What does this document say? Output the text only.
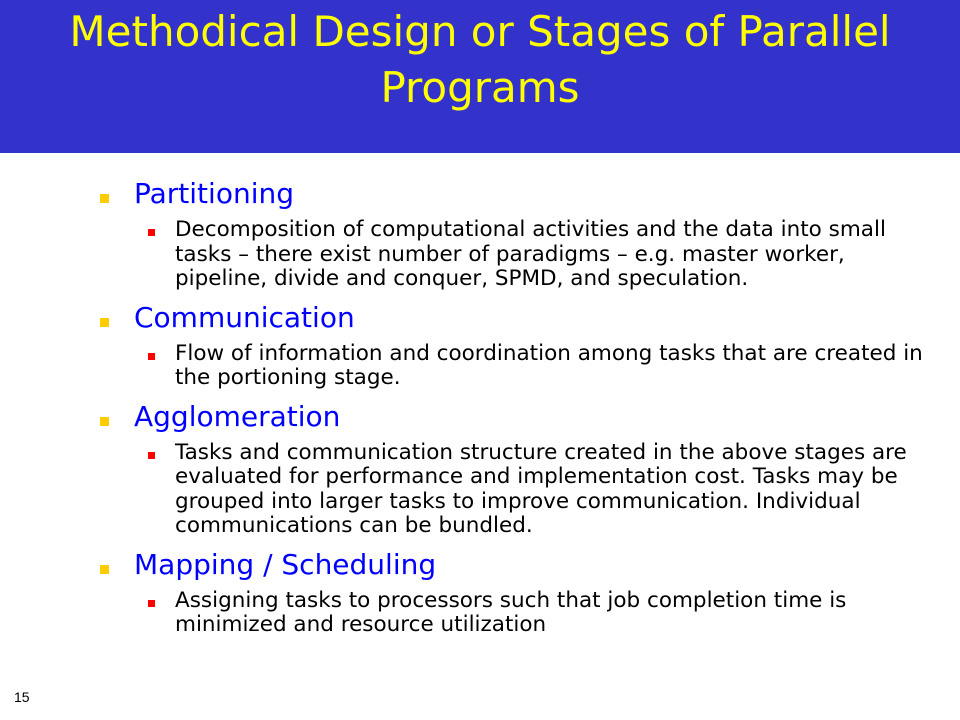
Methodical Design or Stages of Parallel Programs
Partitioning
Decomposition of computational activities and the data into small tasks – there exist number of paradigms – e.g. master worker, pipeline, divide and conquer, SPMD, and speculation.
Communication
Flow of information and coordination among tasks that are created in the portioning stage.
Agglomeration
Tasks and communication structure created in the above stages are evaluated for performance and implementation cost. Tasks may be grouped into larger tasks to improve communication. Individual communications can be bundled.
Mapping / Scheduling
Assigning tasks to processors such that job completion time is minimized and resource utilization
15
